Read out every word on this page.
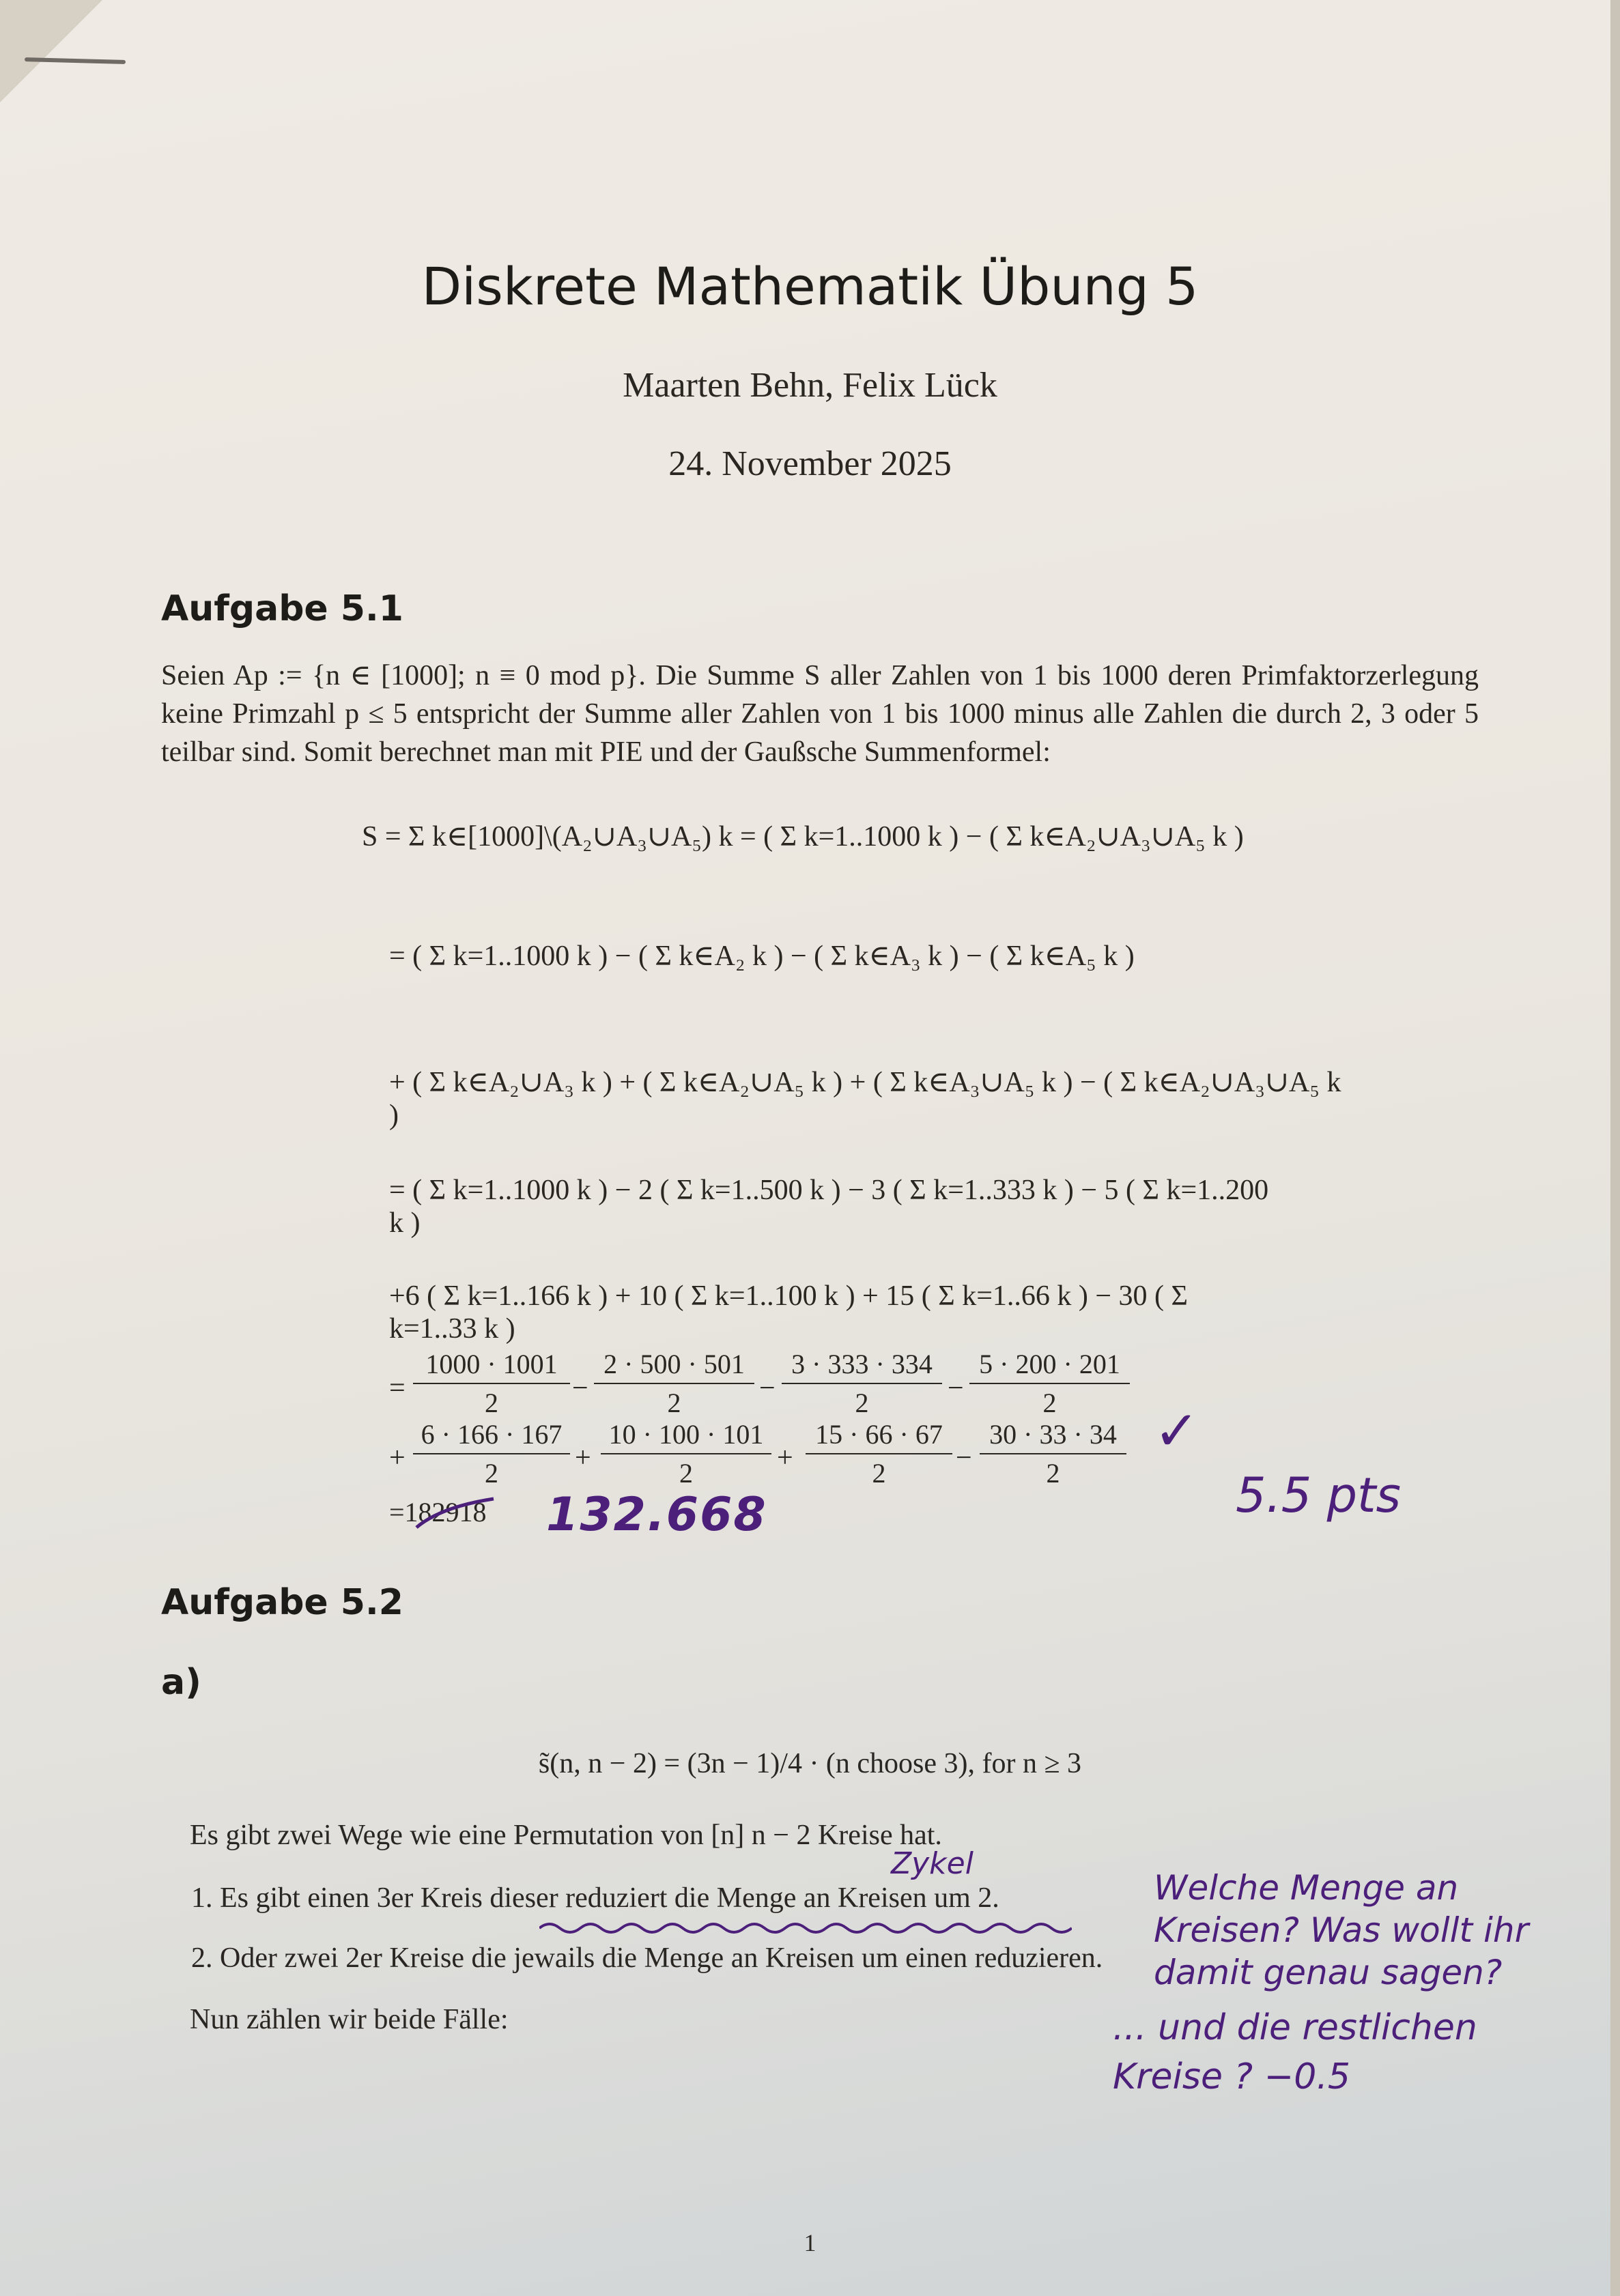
Diskrete Mathematik Übung 5
Maarten Behn, Felix Lück
24. November 2025
Aufgabe 5.1
Seien Ap := {n ∈ [1000]; n ≡ 0 mod p}. Die Summe S aller Zahlen von 1 bis 1000 deren Primfaktorzerlegung keine Primzahl p ≤ 5 entspricht der Summe aller Zahlen von 1 bis 1000 minus alle Zahlen die durch 2, 3 oder 5 teilbar sind. Somit berechnet man mit PIE und der Gaußsche Summenformel:
S = Σ k∈[1000]\(A₂∪A₃∪A₅) k = ( Σ k=1..1000 k ) − ( Σ k∈A₂∪A₃∪A₅ k )
= ( Σ k=1..1000 k ) − ( Σ k∈A₂ k ) − ( Σ k∈A₃ k ) − ( Σ k∈A₅ k )
+ ( Σ k∈A₂∪A₃ k ) + ( Σ k∈A₂∪A₅ k ) + ( Σ k∈A₃∪A₅ k ) − ( Σ k∈A₂∪A₃∪A₅ k )
= ( Σ k=1..1000 k ) − 2 ( Σ k=1..500 k ) − 3 ( Σ k=1..333 k ) − 5 ( Σ k=1..200 k )
+6 ( Σ k=1..166 k ) + 10 ( Σ k=1..100 k ) + 15 ( Σ k=1..66 k ) − 30 ( Σ k=1..33 k )
= $\frac{1000 \cdot 1001}{2} - \frac{2 \cdot 500 \cdot 501}{2} - \frac{3 \cdot 333 \cdot 334}{2} - \frac{5 \cdot 200 \cdot 201}{2}$
+ $\frac{6 \cdot 166 \cdot 167}{2} + \frac{10 \cdot 100 \cdot 101}{2} + \frac{15 \cdot 66 \cdot 67}{2} - \frac{30 \cdot 33 \cdot 34}{2}$
=182918 132.668
✓
5.5 pts
Aufgabe 5.2
a)
s̃(n, n − 2) = (3n − 1)/4 · (n choose 3), for n ≥ 3
Es gibt zwei Wege wie eine Permutation von [n] n − 2 Kreise hat.
Zykel
1. Es gibt einen 3er Kreis dieser reduziert die Menge an Kreisen um 2.
2. Oder zwei 2er Kreise die jewails die Menge an Kreisen um einen reduzieren.
Nun zählen wir beide Fälle:
Welche Menge an Kreisen? Was wollt ihr damit genau sagen?
... und die restlichen Kreise ? −0.5
1
